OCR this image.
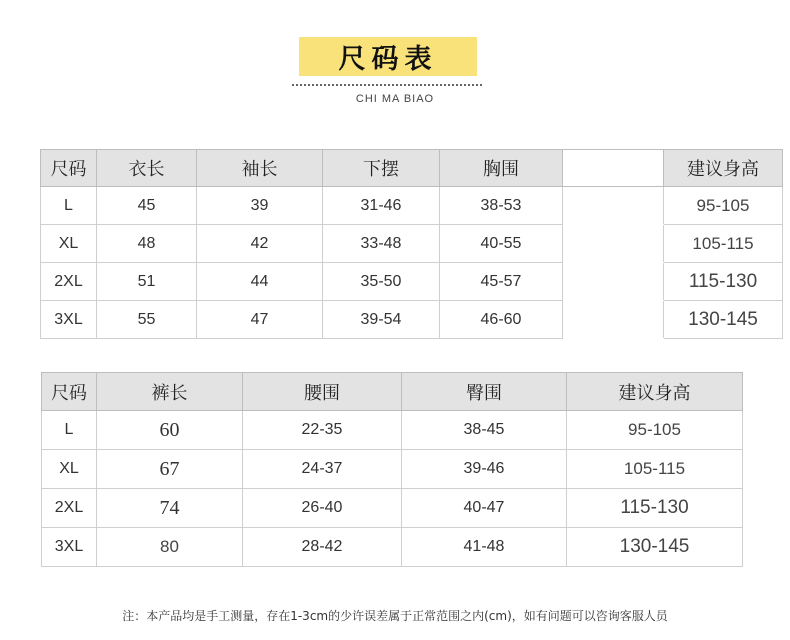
尺码表
CHI MA BIAO
尺码	衣长	袖长	下摆	胸围		建议身高
L	45	39	31-46	38-53		95-105
XL	48	42	33-48	40-55		105-115
2XL	51	44	35-50	45-57		115-130
3XL	55	47	39-54	46-60		130-145
尺码	裤长	腰围	臀围	建议身高
L	60	22-35	38-45	95-105
XL	67	24-37	39-46	105-115
2XL	74	26-40	40-47	115-130
3XL	80	28-42	41-48	130-145
注：本产品均是手工测量，存在1-3cm的少许误差属于正常范围之内(cm)，如有问题可以咨询客服人员
